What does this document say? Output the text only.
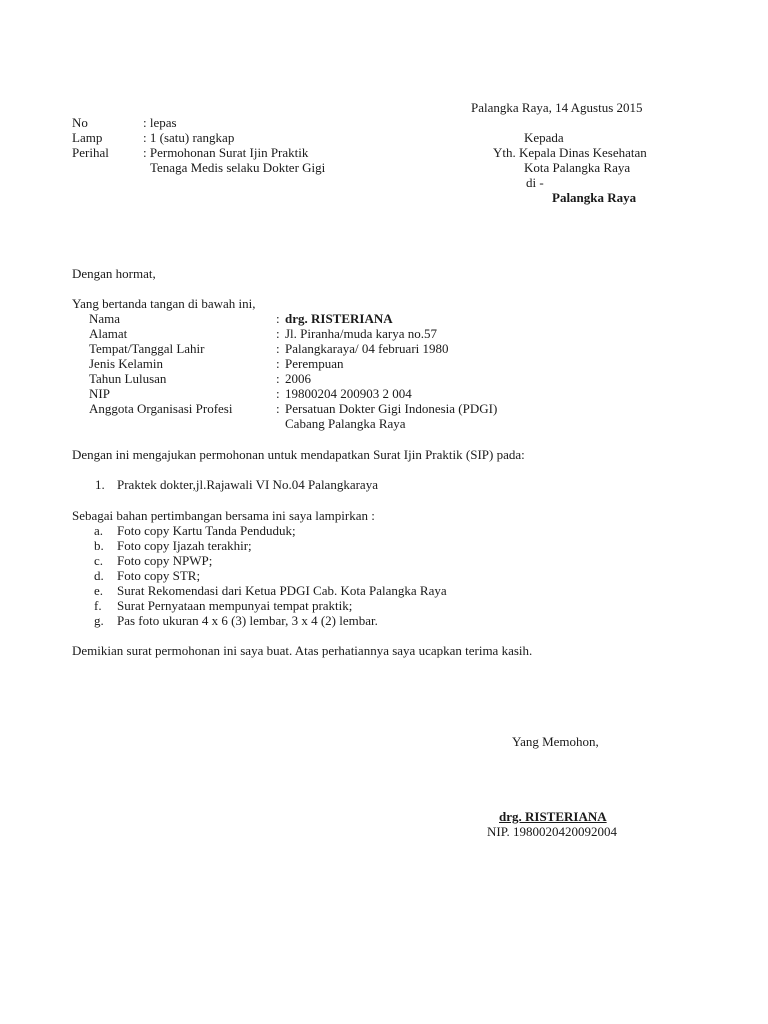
Palangka Raya, 14 Agustus 2015
No	: lepas
Lamp	: 1 (satu) rangkap
Perihal	: Permohonan Surat Ijin Praktik
Tenaga Medis selaku Dokter Gigi
Kepada
Yth. Kepala Dinas Kesehatan
Kota Palangka Raya
di -
Palangka Raya
Dengan hormat,
Yang bertanda tangan di bawah ini,
Nama	: drg. RISTERIANA
Alamat	: Jl. Piranha/muda karya no.57
Tempat/Tanggal Lahir	: Palangkaraya/ 04 februari 1980
Jenis Kelamin	: Perempuan
Tahun Lulusan	: 2006
NIP	: 19800204 200903 2 004
Anggota Organisasi Profesi	: Persatuan Dokter Gigi Indonesia (PDGI)
Cabang Palangka Raya
Dengan ini mengajukan permohonan untuk mendapatkan Surat Ijin Praktik (SIP) pada:
1. Praktek dokter,jl.Rajawali VI No.04 Palangkaraya
Sebagai bahan pertimbangan bersama ini saya lampirkan :
a. Foto copy Kartu Tanda Penduduk;
b. Foto copy Ijazah terakhir;
c. Foto copy NPWP;
d. Foto copy STR;
e. Surat Rekomendasi dari Ketua PDGI Cab. Kota Palangka Raya
f. Surat Pernyataan mempunyai tempat praktik;
g. Pas foto ukuran 4 x 6 (3) lembar, 3 x 4 (2) lembar.
Demikian surat permohonan ini saya buat. Atas perhatiannya saya ucapkan terima kasih.
Yang Memohon,
drg. RISTERIANA
NIP. 1980020420092004
